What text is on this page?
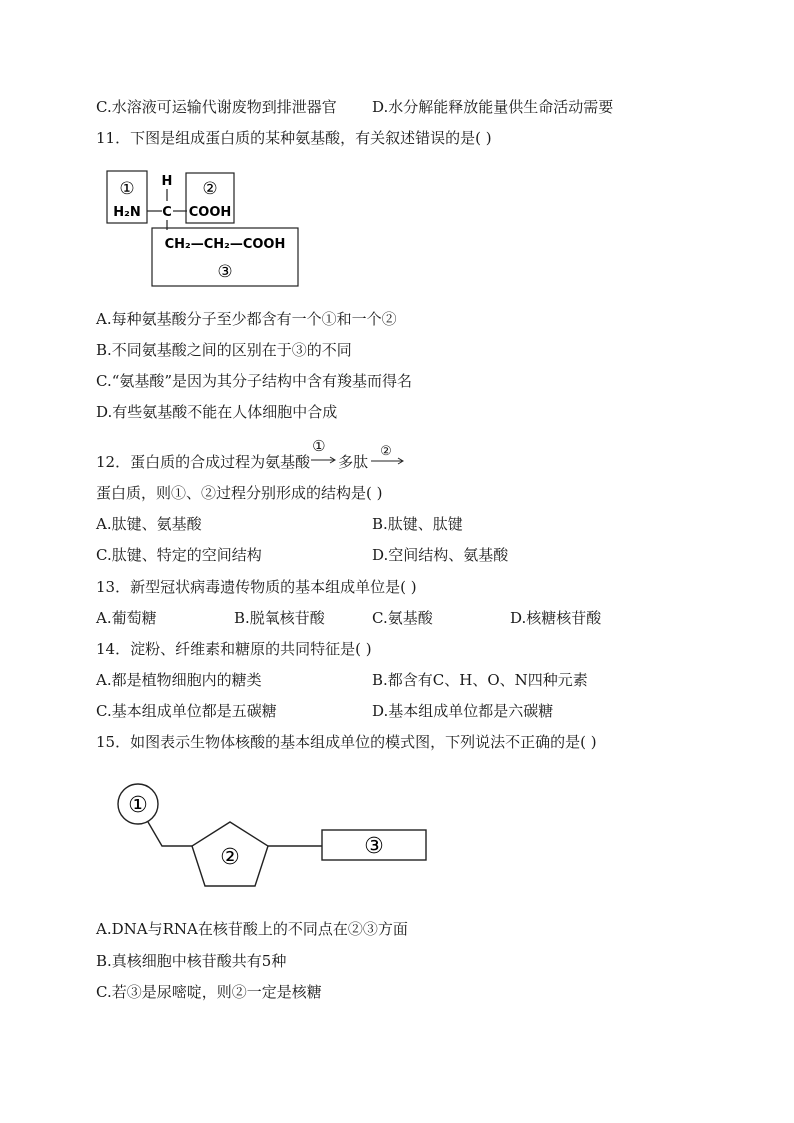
C.水溶液可运输代谢废物到排泄器官 D.水分解能释放能量供生命活动需要
11．下图是组成蛋白质的某种氨基酸，有关叙述错误的是( )
①
H₂N
H
C
②
COOH
CH₂—CH₂—COOH
③
A.每种氨基酸分子至少都含有一个①和一个②
B.不同氨基酸之间的区别在于③的不同
C.“氨基酸”是因为其分子结构中含有羧基而得名
D.有些氨基酸不能在人体细胞中合成
12．蛋白质的合成过程为氨基酸
①
多肽
②
蛋白质，则①、②过程分别形成的结构是( )
A.肽键、氨基酸	B.肽键、肽键
C.肽键、特定的空间结构	D.空间结构、氨基酸
13．新型冠状病毒遗传物质的基本组成单位是( )
A.葡萄糖	B.脱氧核苷酸	C.氨基酸	D.核糖核苷酸
14．淀粉、纤维素和糖原的共同特征是( )
A.都是植物细胞内的糖类	B.都含有C、H、O、N四种元素
C.基本组成单位都是五碳糖	D.基本组成单位都是六碳糖
15．如图表示生物体核酸的基本组成单位的模式图，下列说法不正确的是( )
①
②	③
A.DNA与RNA在核苷酸上的不同点在②③方面
B.真核细胞中核苷酸共有5种
C.若③是尿嘧啶，则②一定是核糖
